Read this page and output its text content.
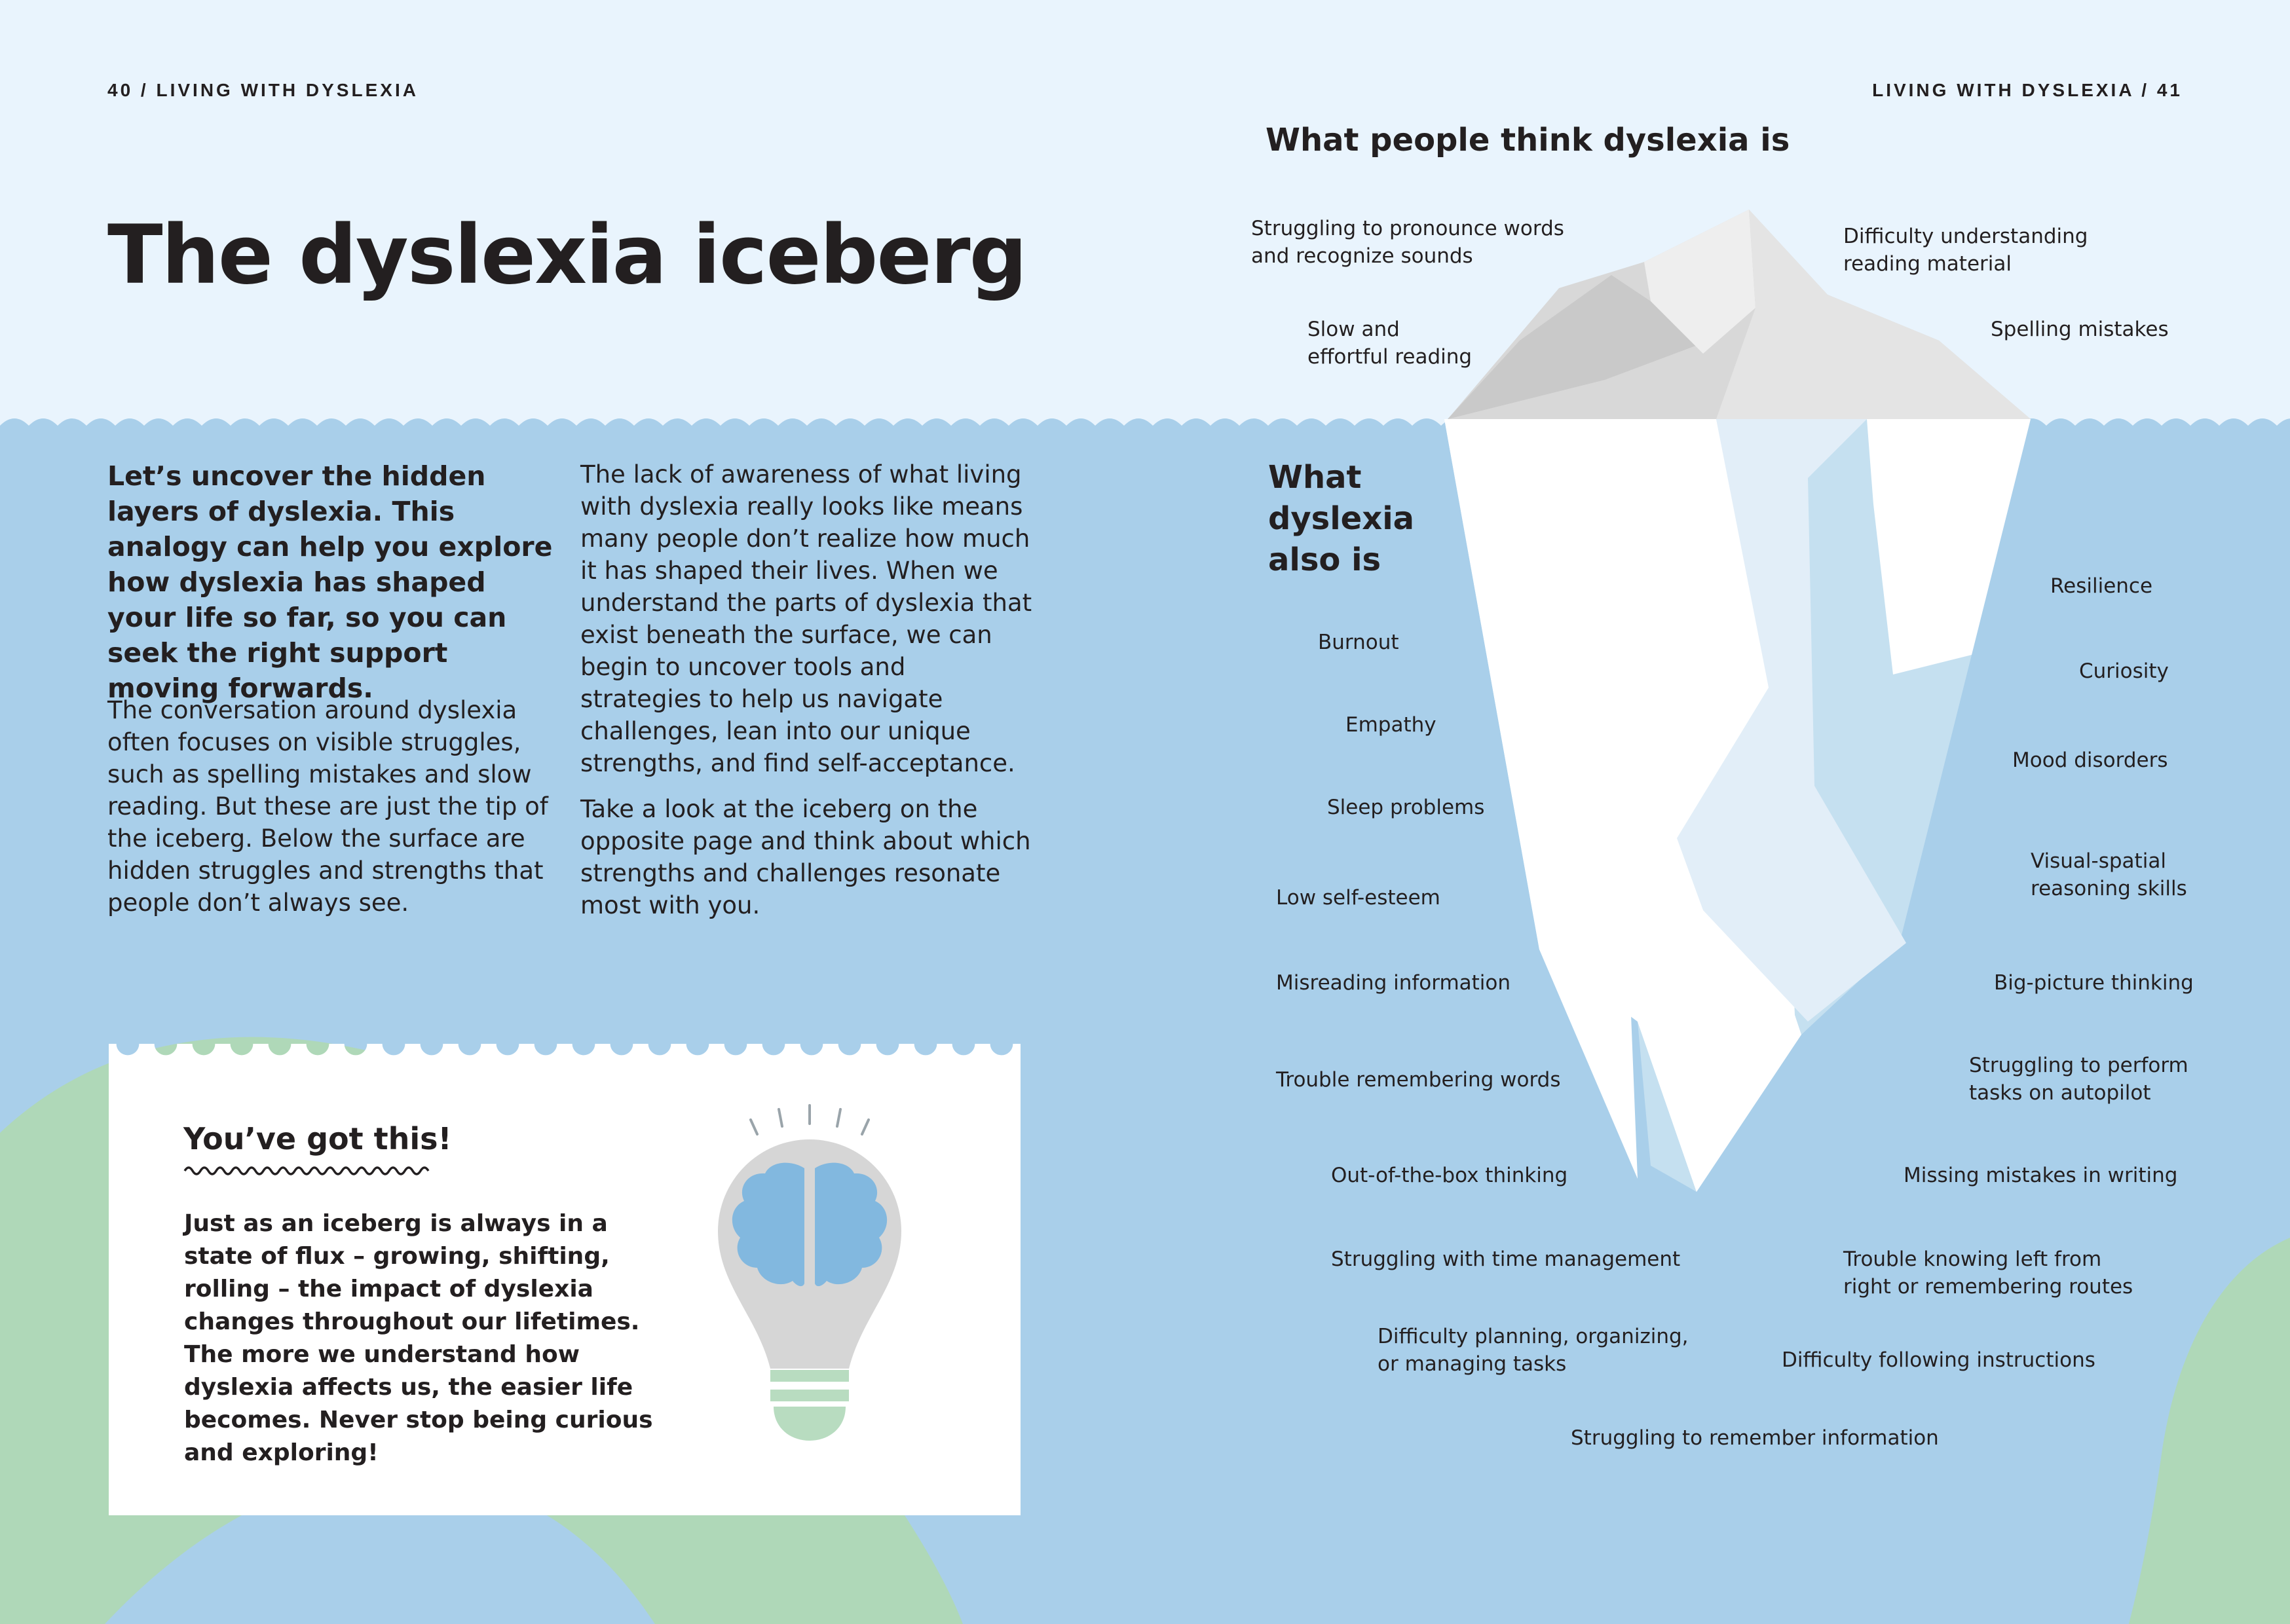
40 / LIVING WITH DYSLEXIA	LIVING WITH DYSLEXIA / 41

The dyslexia iceberg

Let’s uncover the hidden layers of dyslexia. This analogy can help you explore how dyslexia has shaped your life so far, so you can seek the right support moving forwards.

The conversation around dyslexia often focuses on visible struggles, such as spelling mistakes and slow reading. But these are just the tip of the iceberg. Below the surface are hidden struggles and strengths that people don’t always see.

The lack of awareness of what living with dyslexia really looks like means many people don’t realize how much it has shaped their lives. When we understand the parts of dyslexia that exist beneath the surface, we can begin to uncover tools and strategies to help us navigate challenges, lean into our unique strengths, and find self-acceptance.

Take a look at the iceberg on the opposite page and think about which strengths and challenges resonate most with you.

You’ve got this!

Just as an iceberg is always in a state of flux – growing, shifting, rolling – the impact of dyslexia changes throughout our lifetimes. The more we understand how dyslexia affects us, the easier life becomes. Never stop being curious and exploring!

What people think dyslexia is

What dyslexia also is

Struggling to pronounce words
and recognize sounds
Slow and
effortful reading
Difficulty understanding
reading material
Spelling mistakes
Burnout
Empathy
Sleep problems
Low self-esteem
Misreading information
Trouble remembering words
Out-of-the-box thinking
Struggling with time management
Difficulty planning, organizing,
or managing tasks
Struggling to remember information
Resilience
Curiosity
Mood disorders
Visual-spatial
reasoning skills
Big-picture thinking
Struggling to perform
tasks on autopilot
Missing mistakes in writing
Trouble knowing left from
right or remembering routes
Difficulty following instructions
